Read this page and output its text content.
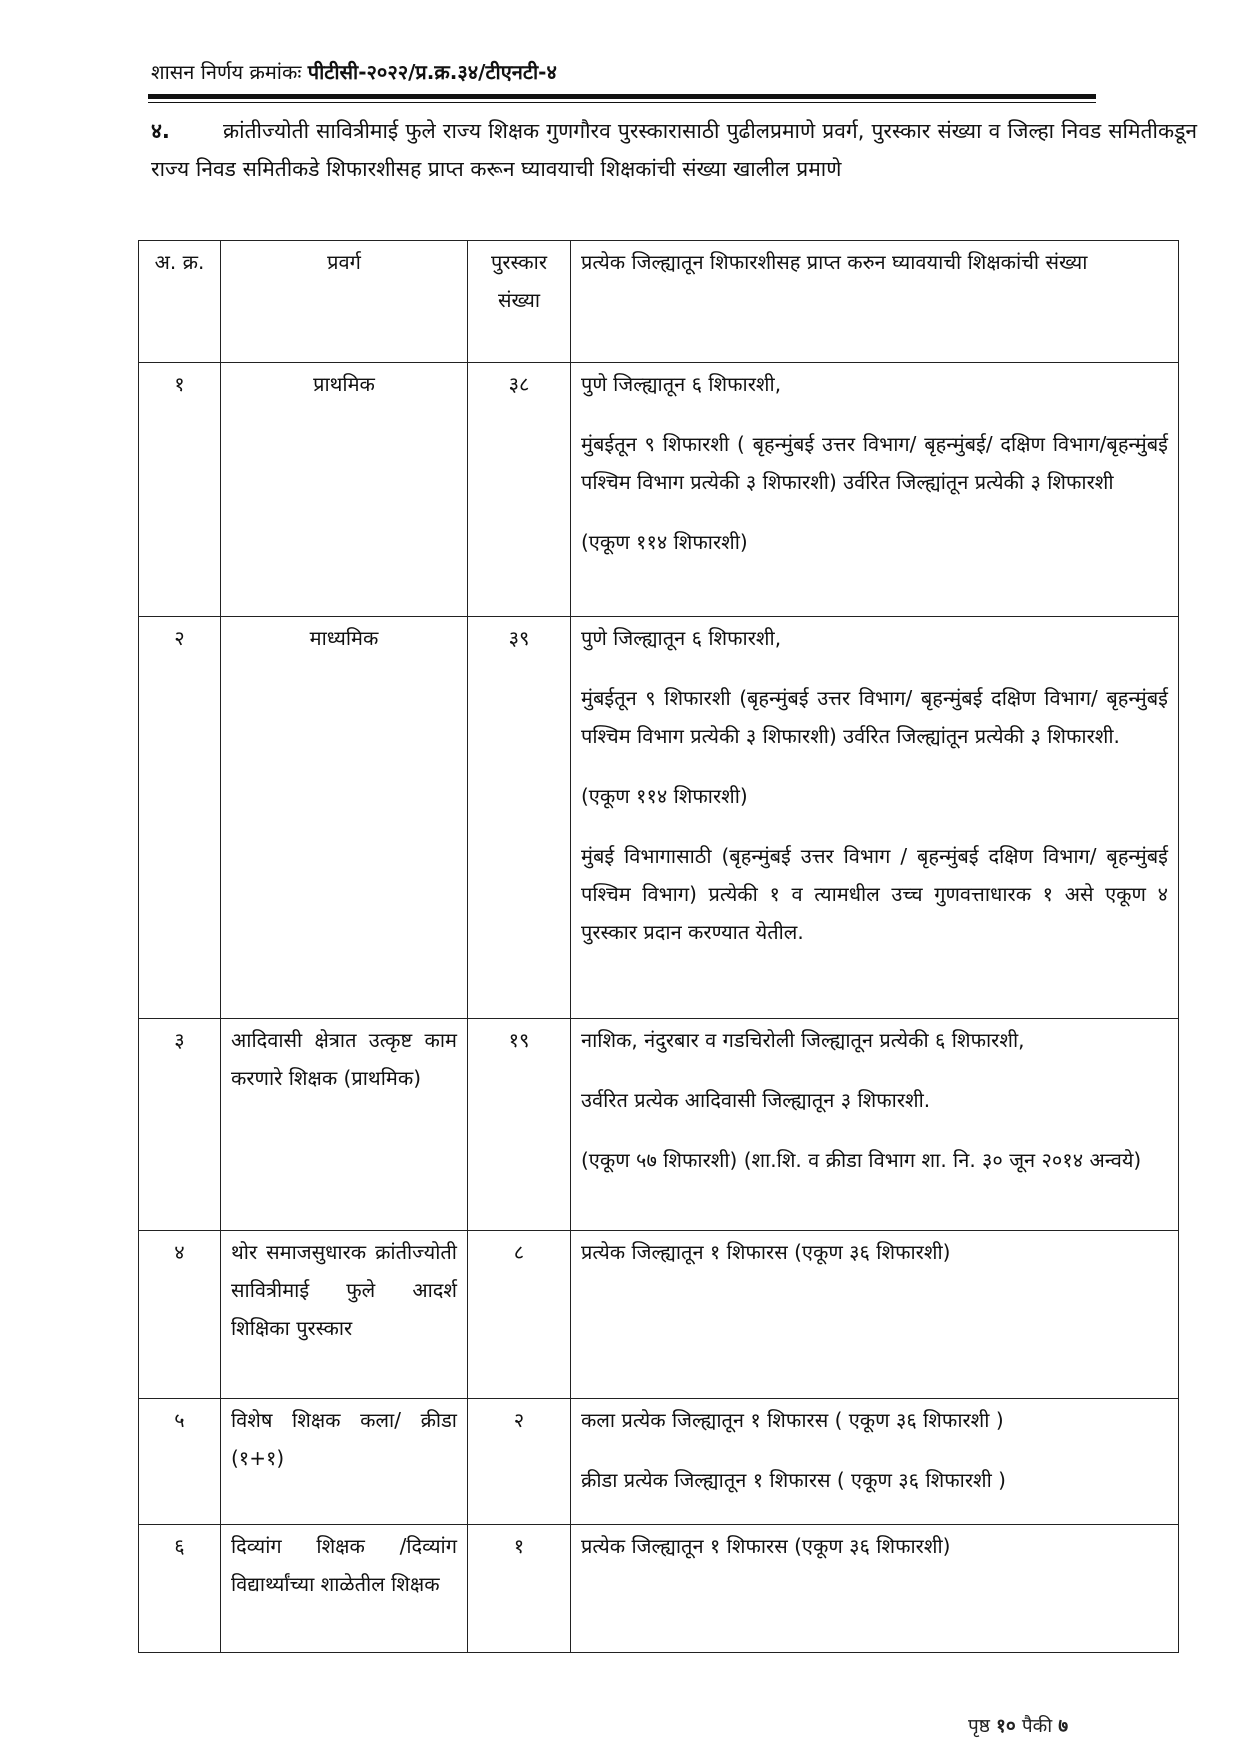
शासन निर्णय क्रमांकः पीटीसी-२०२२/प्र.क्र.३४/टीएनटी-४
४.	क्रांतीज्योती सावित्रीमाई फुले राज्य शिक्षक गुणगौरव पुरस्कारासाठी पुढीलप्रमाणे प्रवर्ग, पुरस्कार संख्या व जिल्हा निवड समितीकडून राज्य निवड समितीकडे शिफारशीसह प्राप्त करून घ्यावयाची शिक्षकांची संख्या खालील प्रमाणे
अ. क्र.	प्रवर्ग	पुरस्कार संख्या	प्रत्येक जिल्ह्यातून शिफारशीसह प्राप्त करुन घ्यावयाची शिक्षकांची संख्या
१	प्राथमिक	३८	पुणे जिल्ह्यातून ६ शिफारशी,

मुंबईतून ९ शिफारशी ( बृहन्मुंबई उत्तर विभाग/ बृहन्मुंबई/ दक्षिण विभाग/बृहन्मुंबई पश्चिम विभाग प्रत्येकी ३ शिफारशी) उर्वरित जिल्ह्यांतून प्रत्येकी ३ शिफारशी

(एकूण ११४ शिफारशी)

२	माध्यमिक	३९	पुणे जिल्ह्यातून ६ शिफारशी,

मुंबईतून ९ शिफारशी (बृहन्मुंबई उत्तर विभाग/ बृहन्मुंबई दक्षिण विभाग/ बृहन्मुंबई पश्चिम विभाग प्रत्येकी ३ शिफारशी) उर्वरित जिल्ह्यांतून प्रत्येकी ३ शिफारशी.

(एकूण ११४ शिफारशी)

मुंबई विभागासाठी (बृहन्मुंबई उत्तर विभाग / बृहन्मुंबई दक्षिण विभाग/ बृहन्मुंबई पश्चिम विभाग) प्रत्येकी १ व त्यामधील उच्च गुणवत्ताधारक १ असे एकूण ४ पुरस्कार प्रदान करण्यात येतील.

३	आदिवासी क्षेत्रात उत्कृष्ट काम करणारे शिक्षक (प्राथमिक)	१९	नाशिक, नंदुरबार व गडचिरोली जिल्ह्यातून प्रत्येकी ६ शिफारशी,

उर्वरित प्रत्येक आदिवासी जिल्ह्यातून ३ शिफारशी.

(एकूण ५७ शिफारशी) (शा.शि. व क्रीडा विभाग शा. नि. ३० जून २०१४ अन्वये)

४	थोर समाजसुधारक क्रांतीज्योती सावित्रीमाई फुले आदर्श शिक्षिका पुरस्कार	८	प्रत्येक जिल्ह्यातून १ शिफारस (एकूण ३६ शिफारशी)

५	विशेष शिक्षक कला/ क्रीडा (१+१)	२	कला प्रत्येक जिल्ह्यातून १ शिफारस ( एकूण ३६ शिफारशी )

क्रीडा प्रत्येक जिल्ह्यातून १ शिफारस ( एकूण ३६ शिफारशी )

६	दिव्यांग शिक्षक /दिव्यांग विद्यार्थ्यांच्या शाळेतील शिक्षक	१	प्रत्येक जिल्ह्यातून १ शिफारस (एकूण ३६ शिफारशी)

पृष्ठ १० पैकी ७
